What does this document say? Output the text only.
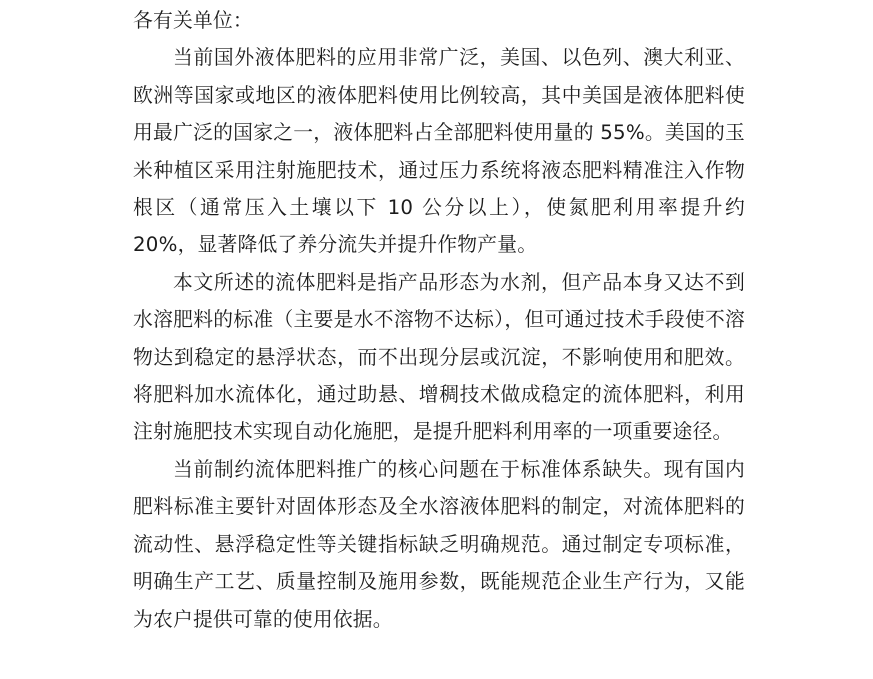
各有关单位：

当前国外液体肥料的应用非常广泛，美国、以色列、澳大利亚、欧洲等国家或地区的液体肥料使用比例较高，其中美国是液体肥料使用最广泛的国家之一，液体肥料占全部肥料使用量的 55%。美国的玉米种植区采用注射施肥技术，通过压力系统将液态肥料精准注入作物根区（通常压入土壤以下 10 公分以上），使氮肥利用率提升约 20%，显著降低了养分流失并提升作物产量。

本文所述的流体肥料是指产品形态为水剂，但产品本身又达不到水溶肥料的标准（主要是水不溶物不达标），但可通过技术手段使不溶物达到稳定的悬浮状态，而不出现分层或沉淀，不影响使用和肥效。将肥料加水流体化，通过助悬、增稠技术做成稳定的流体肥料，利用注射施肥技术实现自动化施肥，是提升肥料利用率的一项重要途径。

当前制约流体肥料推广的核心问题在于标准体系缺失。现有国内肥料标准主要针对固体形态及全水溶液体肥料的制定，对流体肥料的流动性、悬浮稳定性等关键指标缺乏明确规范。通过制定专项标准，明确生产工艺、质量控制及施用参数，既能规范企业生产行为，又能为农户提供可靠的使用依据。
